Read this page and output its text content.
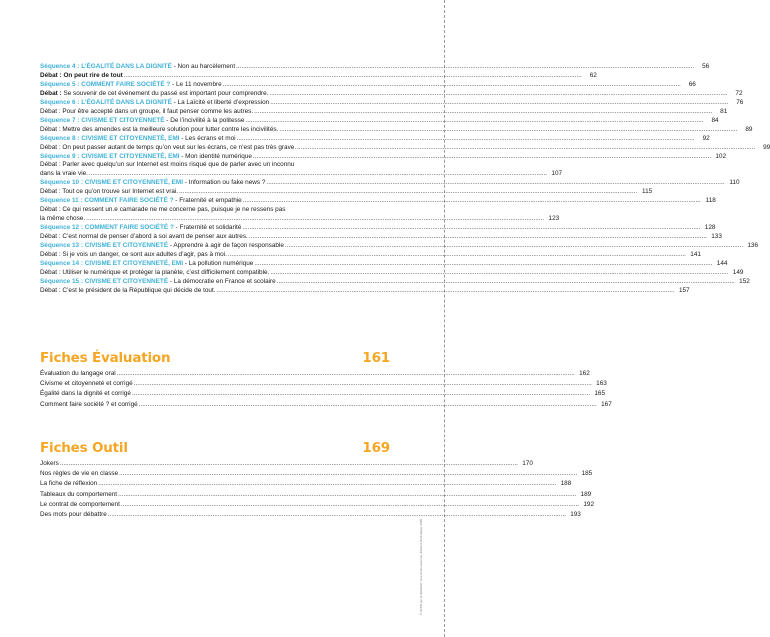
Séquence 4 : L’ÉGALITÉ DANS LA DIGNITÉ - Non au harcèlement .....	56
Débat : On peut rire de tout .....	62
Séquence 5 : COMMENT FAIRE SOCIÉTÉ ? - Le 11 novembre .....	66
Débat : Se souvenir de cet événement du passé est important pour comprendre. .....	72
Séquence 6 : L’ÉGALITÉ DANS LA DIGNITÉ - La Laïcité et liberté d’expression .....	76
Débat : Pour être accepté dans un groupe, il faut penser comme les autres. .....	81
Séquence 7 : CIVISME ET CITOYENNETÉ - De l’incivilité à la politesse .....	84
Débat : Mettre des amendes est la meilleure solution pour lutter contre les incivilités. .....	89
Séquence 8 : CIVISME ET CITOYENNETÉ, EMI - Les écrans et moi .....	92
Débat : On peut passer autant de temps qu’on veut sur les écrans, ce n’est pas très grave. .....	99
Séquence 9 : CIVISME ET CITOYENNETÉ, EMI - Mon identité numérique .....	102
Débat : Parler avec quelqu’un sur Internet est moins risqué que de parler avec un inconnu
dans la vraie vie. .....	107
Séquence 10 : CIVISME ET CITOYENNETÉ, EMI - Information ou fake news ? .....	110
Débat : Tout ce qu’on trouve sur Internet est vrai. .....	115
Séquence 11 : COMMENT FAIRE SOCIÉTÉ ? - Fraternité et empathie .....	118
Débat : Ce qui ressent un.e camarade ne me concerne pas, puisque je ne ressens pas
la même chose. .....	123
Séquence 12 : COMMENT FAIRE SOCIÉTÉ ? - Fraternité et solidarité .....	128
Débat : C’est normal de penser d’abord à soi avant de penser aux autres. .....	133
Séquence 13 : CIVISME ET CITOYENNETÉ - Apprendre à agir de façon responsable .....	136
Débat : Si je vois un danger, ce sont aux adultes d’agir, pas à moi. .....	141
Séquence 14 : CIVISME ET CITOYENNETÉ, EMI - La pollution numérique .....	144
Débat : Utiliser le numérique et protéger la planète, c’est difficilement compatible. .....	149
Séquence 15 : CIVISME ET CITOYENNETÉ - La démocratie en France et scolaire .....	152
Débat : C’est le président de la République qui décide de tout. .....	157
Fiches Évaluation	161
Évaluation du langage oral .....	162
Civisme et citoyenneté et corrigé .....	163
Égalité dans la dignité et corrigé .....	165
Comment faire société ? et corrigé .....	167
Fiches Outil	169
Jokers .....	170
Nos règles de vie en classe .....	185
La fiche de réflexion .....	188
Tableaux du comportement .....	189
Le contrat de comportement .....	192
Des mots pour débattre .....	193
© SFPR par le SEDRAP, tous droits réservés, Éditions Retz-Mayer 2025
